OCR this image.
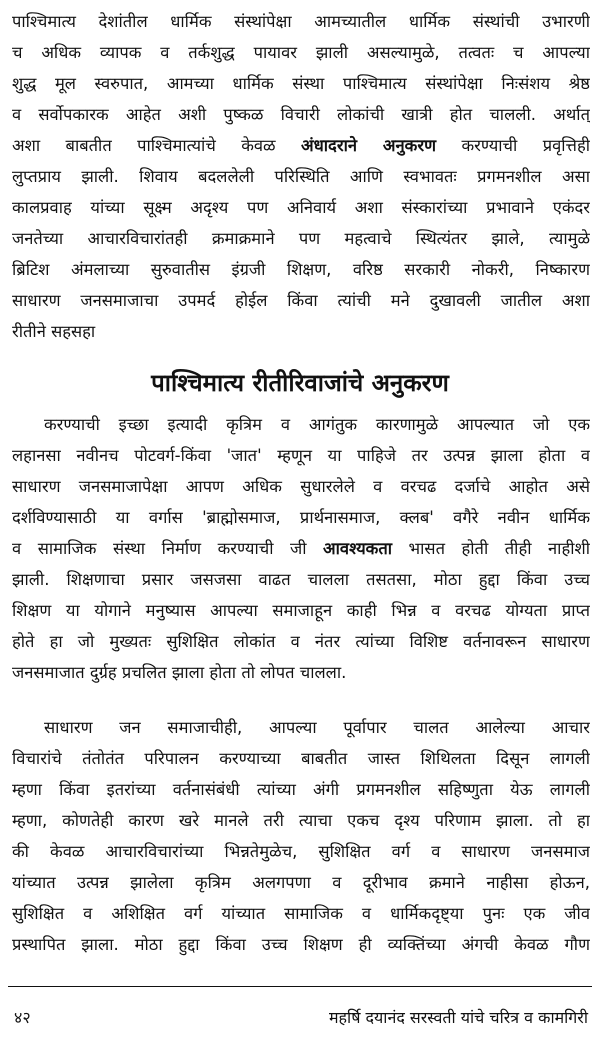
पाश्चिमात्य देशांतील धार्मिक संस्थांपेक्षा आमच्यातील धार्मिक संस्थांची उभारणी
च अधिक व्यापक व तर्कशुद्ध पायावर झाली असल्यामुळे, तत्वतः च आपल्या
शुद्ध मूल स्वरुपात, आमच्या धार्मिक संस्था पाश्चिमात्य संस्थांपेक्षा निःसंशय श्रेष्ठ
व सर्वोपकारक आहेत अशी पुष्कळ विचारी लोकांची खात्री होत चालली. अर्थात्
अशा बाबतीत पाश्चिमात्यांचे केवळ अंधादराने अनुकरण करण्याची प्रवृत्तिही
लुप्तप्राय झाली. शिवाय बदललेली परिस्थिति आणि स्वभावतः प्रगमनशील असा
कालप्रवाह यांच्या सूक्ष्म अदृश्य पण अनिवार्य अशा संस्कारांच्या प्रभावाने एकंदर
जनतेच्या आचारविचारांतही क्रमाक्रमाने पण महत्वाचे स्थित्यंतर झाले, त्यामुळे
ब्रिटिश अंमलाच्या सुरुवातीस इंग्रजी शिक्षण, वरिष्ठ सरकारी नोकरी, निष्कारण
साधारण जनसमाजाचा उपमर्द होईल किंवा त्यांची मने दुखावली जातील अशा
रीतीने सहसहा
पाश्चिमात्य रीतीरिवाजांचे अनुकरण
करण्याची इच्छा इत्यादी कृत्रिम व आगंतुक कारणामुळे आपल्यात जो एक
लहानसा नवीनच पोटवर्ग-किंवा 'जात' म्हणून या पाहिजे तर उत्पन्न झाला होता व
साधारण जनसमाजापेक्षा आपण अधिक सुधारलेले व वरचढ दर्जाचे आहोत असे
दर्शविण्यासाठी या वर्गास 'ब्राह्मोसमाज, प्रार्थनासमाज, क्लब' वगैरे नवीन धार्मिक
व सामाजिक संस्था निर्माण करण्याची जी आवश्यकता भासत होती तीही नाहीशी
झाली. शिक्षणाचा प्रसार जसजसा वाढत चालला तसतसा, मोठा हुद्दा किंवा उच्च
शिक्षण या योगाने मनुष्यास आपल्या समाजाहून काही भिन्न व वरचढ योग्यता प्राप्त
होते हा जो मुख्यतः सुशिक्षित लोकांत व नंतर त्यांच्या विशिष्ट वर्तनावरून साधारण
जनसमाजात दुर्ग्रह प्रचलित झाला होता तो लोपत चालला.
साधारण जन समाजाचीही, आपल्या पूर्वापार चालत आलेल्या आचार
विचारांचे तंतोतंत परिपालन करण्याच्या बाबतीत जास्त शिथिलता दिसून लागली
म्हणा किंवा इतरांच्या वर्तनासंबंधी त्यांच्या अंगी प्रगमनशील सहिष्णुता येऊ लागली
म्हणा, कोणतेही कारण खरे मानले तरी त्याचा एकच दृश्य परिणाम झाला. तो हा
की केवळ आचारविचारांच्या भिन्नतेमुळेच, सुशिक्षित वर्ग व साधारण जनसमाज
यांच्यात उत्पन्न झालेला कृत्रिम अलगपणा व दूरीभाव क्रमाने नाहीसा होऊन,
सुशिक्षित व अशिक्षित वर्ग यांच्यात सामाजिक व धार्मिकदृष्ट्या पुनः एक जीव
प्रस्थापित झाला. मोठा हुद्दा किंवा उच्च शिक्षण ही व्यक्तिंच्या अंगची केवळ गौण
४२	महर्षि दयानंद सरस्वती यांचे चरित्र व कामगिरी
